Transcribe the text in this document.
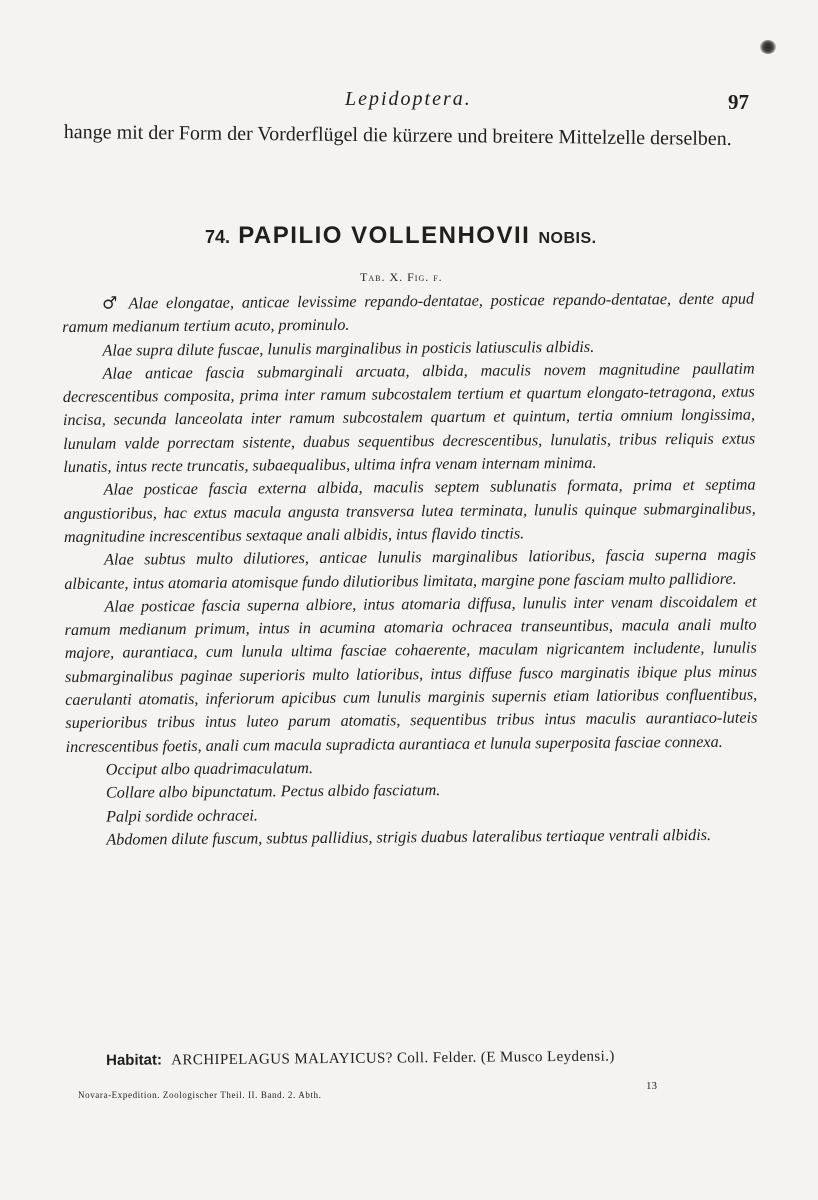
Lepidoptera.	97
hange mit der Form der Vorderflügel die kürzere und breitere Mittelzelle derselben.
74. PAPILIO VOLLENHOVII NOBIS.
Tab. X. Fig. f.

♂ Alae elongatae, anticae levissime repando-dentatae, posticae repando-dentatae, dente apud ramum medianum tertium acuto, prominulo.

Alae supra dilute fuscae, lunulis marginalibus in posticis latiusculis albidis.

Alae anticae fascia submarginali arcuata, albida, maculis novem magnitudine paullatim decrescentibus composita, prima inter ramum subcostalem tertium et quartum elongato-tetragona, extus incisa, secunda lanceolata inter ramum subcostalem quartum et quintum, tertia omnium longissima, lunulam valde porrectam sistente, duabus sequentibus decrescentibus, lunulatis, tribus reliquis extus lunatis, intus recte truncatis, subaequalibus, ultima infra venam internam minima.

Alae posticae fascia externa albida, maculis septem sublunatis formata, prima et septima angustioribus, hac extus macula angusta transversa lutea terminata, lunulis quinque submarginalibus, magnitudine increscentibus sextaque anali albidis, intus flavido tinctis.

Alae subtus multo dilutiores, anticae lunulis marginalibus latioribus, fascia superna magis albicante, intus atomaria atomisque fundo dilutioribus limitata, margine pone fasciam multo pallidiore.

Alae posticae fascia superna albiore, intus atomaria diffusa, lunulis inter venam discoidalem et ramum medianum primum, intus in acumina atomaria ochracea transeuntibus, macula anali multo majore, aurantiaca, cum lunula ultima fasciae cohaerente, maculam nigricantem includente, lunulis submarginalibus paginae superioris multo latioribus, intus diffuse fusco marginatis ibique plus minus caerulanti atomatis, inferiorum apicibus cum lunulis marginis supernis etiam latioribus confluentibus, superioribus tribus intus luteo parum atomatis, sequentibus tribus intus maculis aurantiaco-luteis increscentibus foetis, anali cum macula supradicta aurantiaca et lunula superposita fasciae connexa.

Occiput albo quadrimaculatum.

Collare albo bipunctatum. Pectus albido fasciatum.

Palpi sordide ochracei.

Abdomen dilute fuscum, subtus pallidius, strigis duabus lateralibus tertiaque ventrali albidis.

Habitat: ARCHIPELAGUS MALAYICUS? Coll. Felder. (E Musco Leydensi.)
Novara-Expedition. Zoologischer Theil. II. Band. 2. Abth.
13
